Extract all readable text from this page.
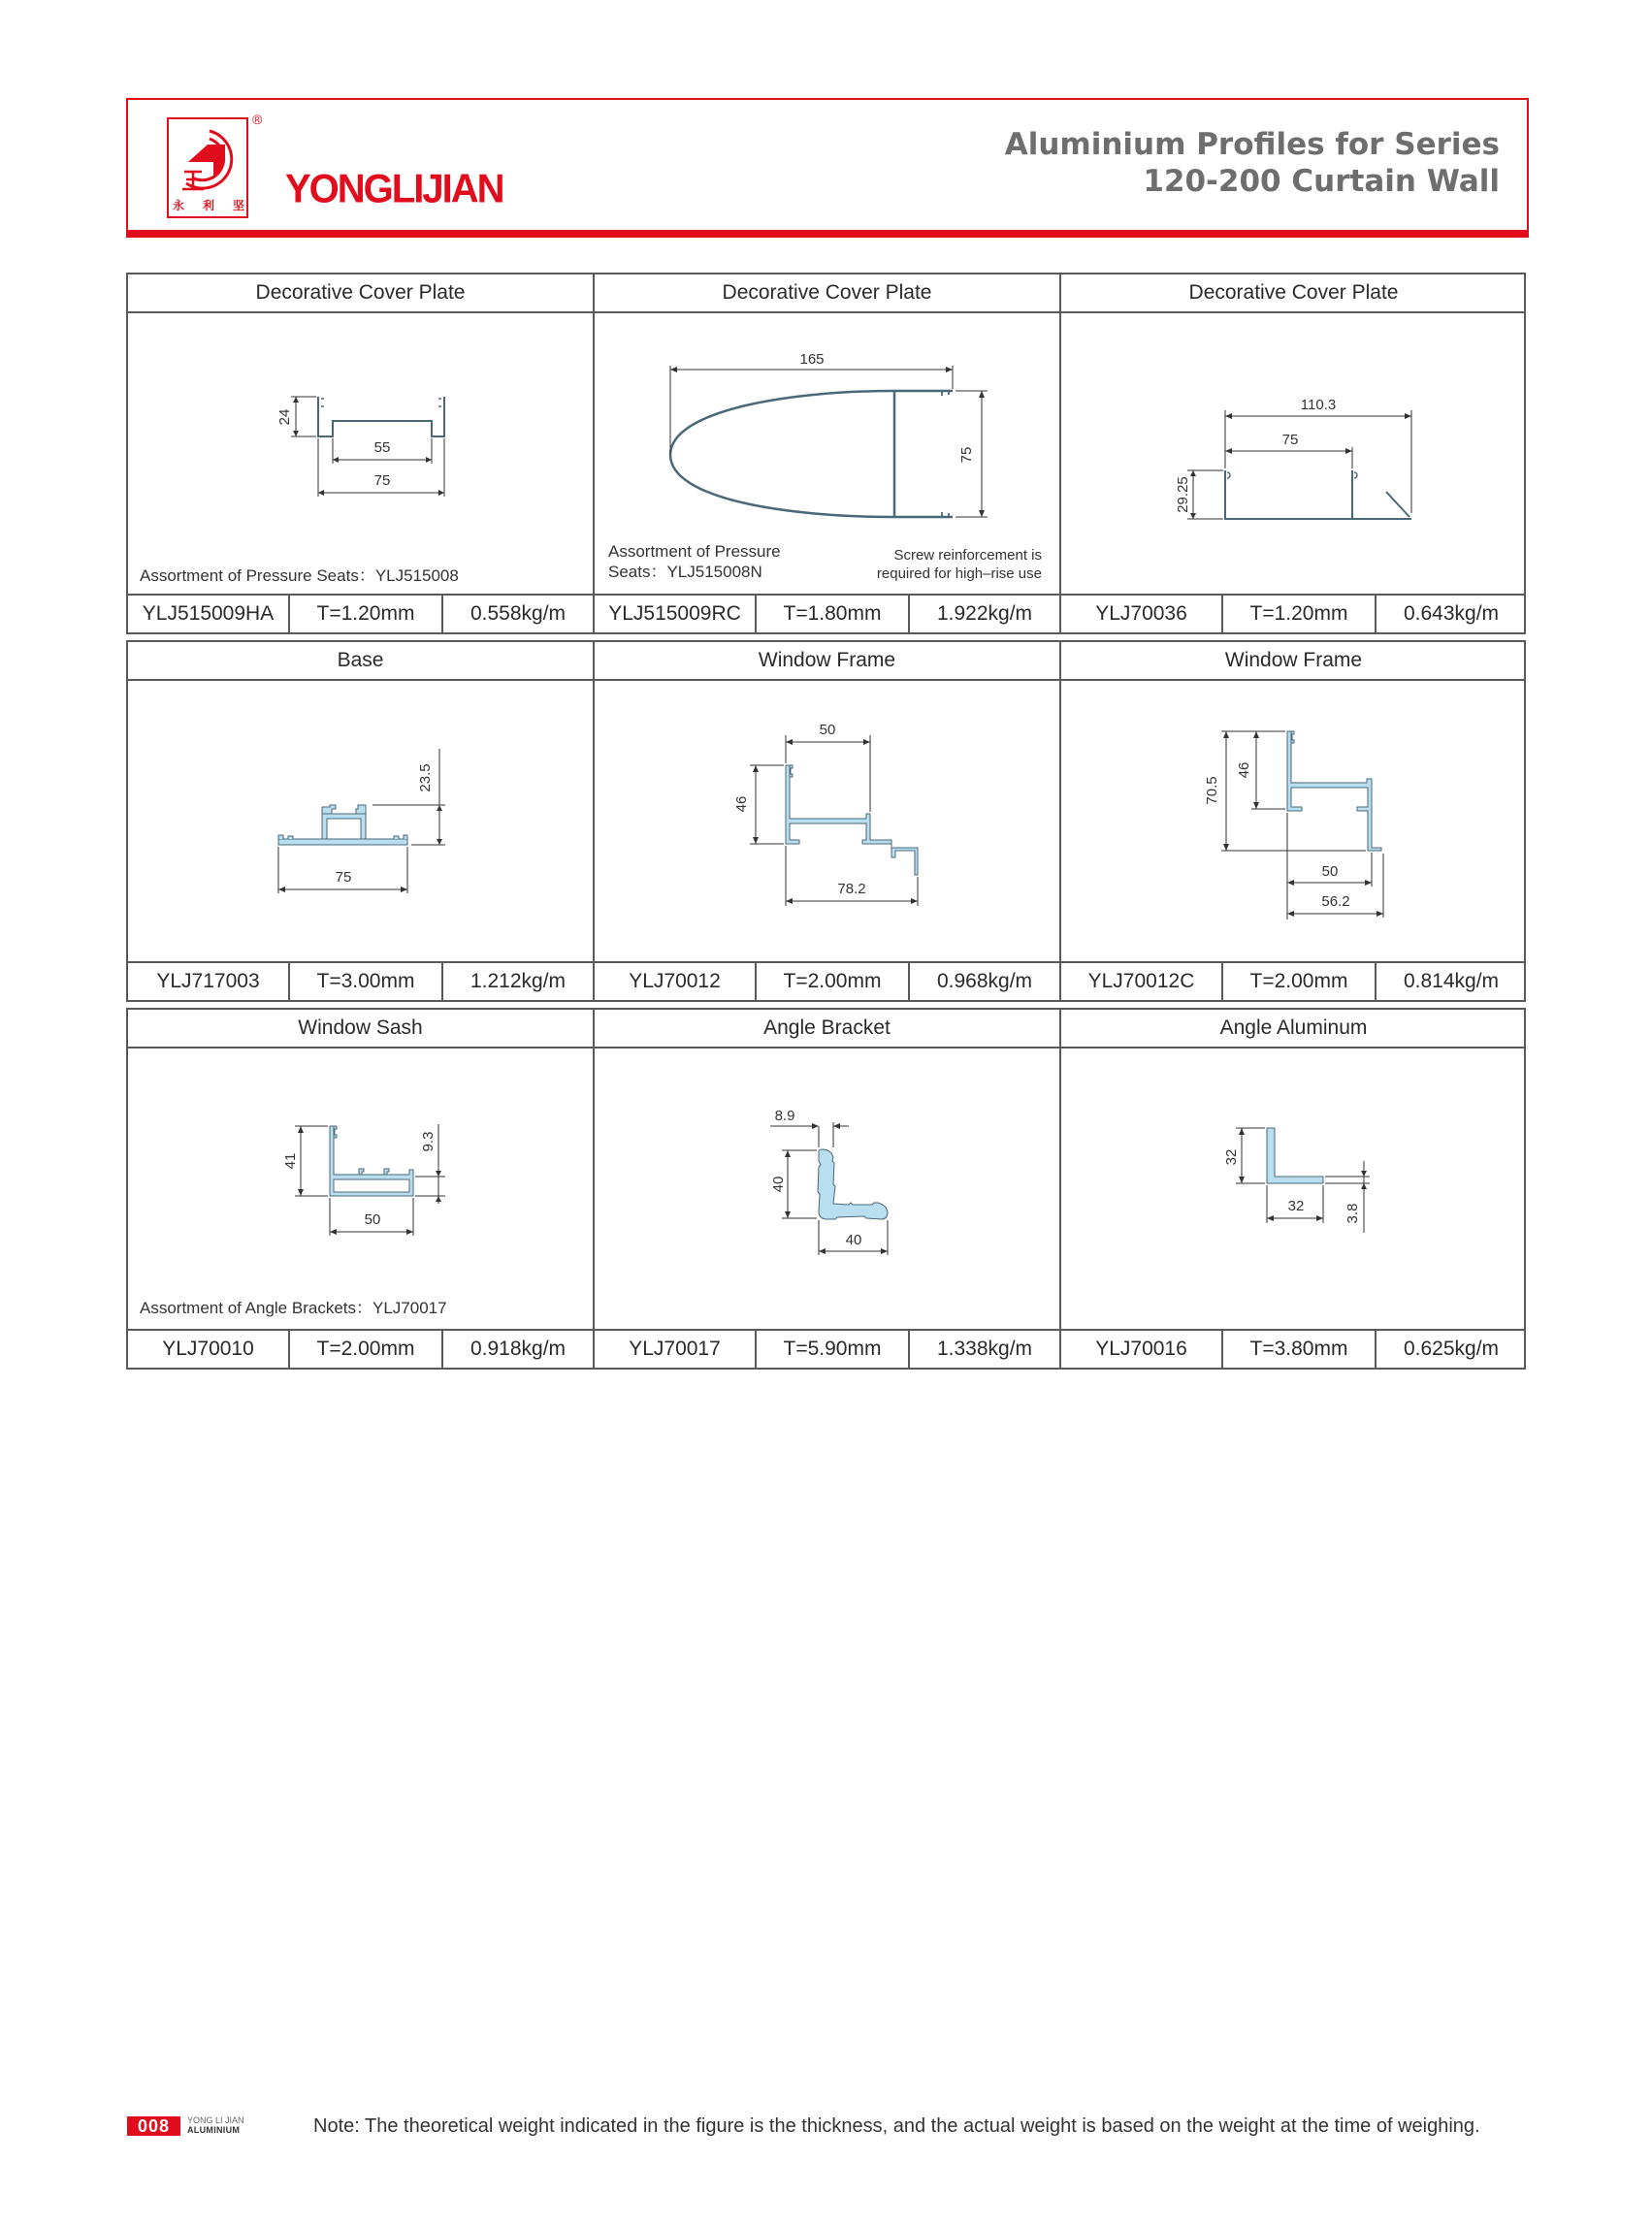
永 利 坚
®
YONGLIJIAN
Aluminium Profiles for Series
120-200 Curtain Wall
Decorative Cover Plate
24
55
75
Assortment of Pressure Seats：YLJ515008
YLJ515009HA	T=1.20mm	0.558kg/m
Decorative Cover Plate
165
75
Assortment of Pressure
Seats：YLJ515008N
Screw reinforcement is
required for high–rise use
YLJ515009RC	T=1.80mm	1.922kg/m
Decorative Cover Plate
110.3
75
29.25
YLJ70036	T=1.20mm	0.643kg/m
Base
23.5
75
YLJ717003	T=3.00mm	1.212kg/m
Window Frame
50
46
78.2
YLJ70012	T=2.00mm	0.968kg/m
Window Frame
70.5
46
50
56.2
YLJ70012C	T=2.00mm	0.814kg/m
Window Sash
41
9.3
50
Assortment of Angle Brackets：YLJ70017
YLJ70010	T=2.00mm	0.918kg/m
Angle Bracket
8.9
40
40
YLJ70017	T=5.90mm	1.338kg/m
Angle Aluminum
32
32	3.8
YLJ70016	T=3.80mm	0.625kg/m
008	YONG LI JIAN
ALUMINIUM	Note: The theoretical weight indicated in the figure is the thickness, and the actual weight is based on the weight at the time of weighing.
